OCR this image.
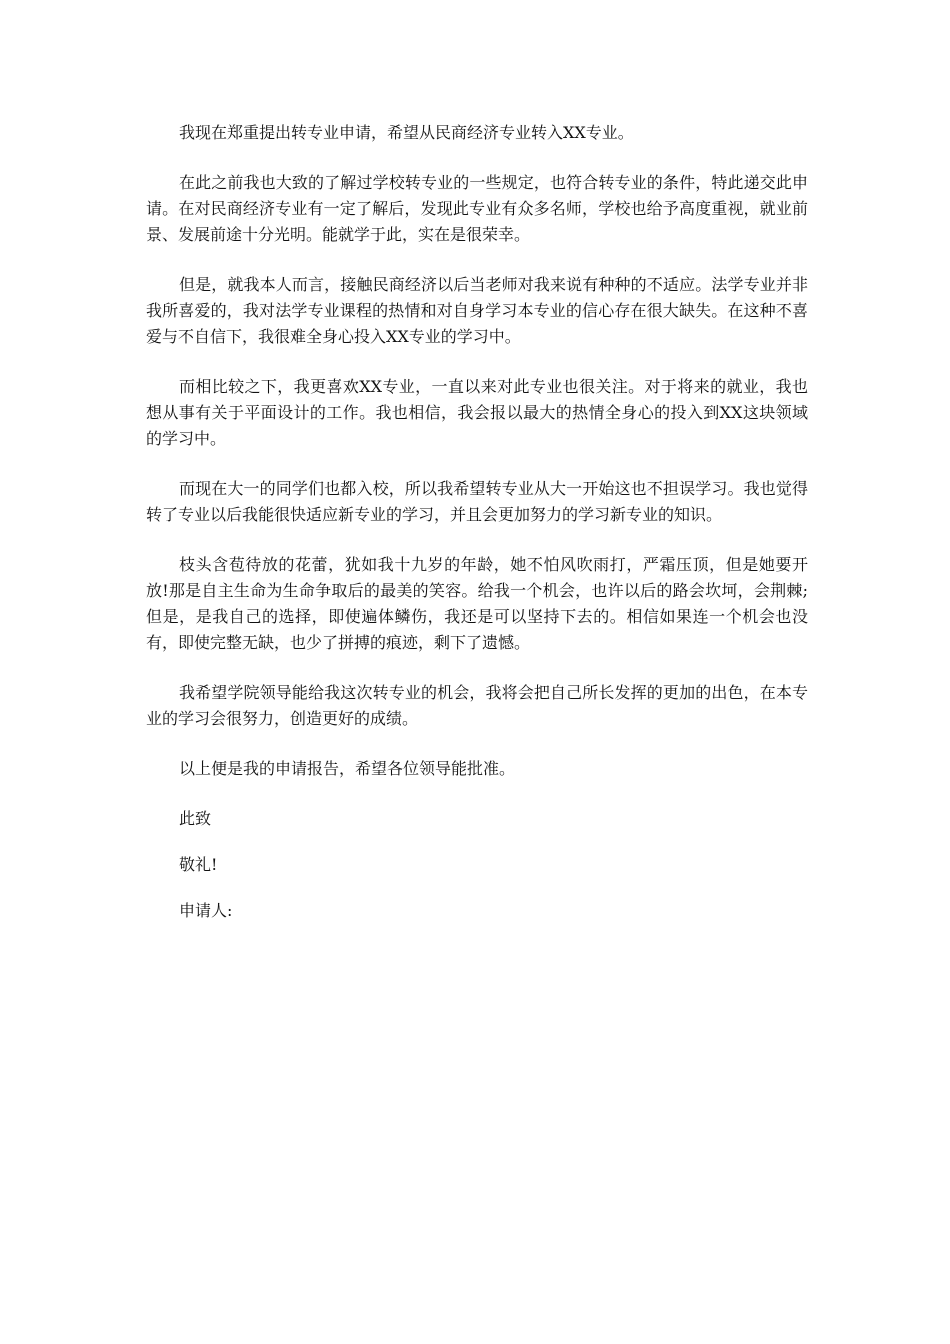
我现在郑重提出转专业申请，希望从民商经济专业转入XX专业。

在此之前我也大致的了解过学校转专业的一些规定，也符合转专业的条件，特此递交此申请。在对民商经济专业有一定了解后，发现此专业有众多名师，学校也给予高度重视，就业前景、发展前途十分光明。能就学于此，实在是很荣幸。

但是，就我本人而言，接触民商经济以后当老师对我来说有种种的不适应。法学专业并非我所喜爱的，我对法学专业课程的热情和对自身学习本专业的信心存在很大缺失。在这种不喜爱与不自信下，我很难全身心投入XX专业的学习中。

而相比较之下，我更喜欢XX专业，一直以来对此专业也很关注。对于将来的就业，我也想从事有关于平面设计的工作。我也相信，我会报以最大的热情全身心的投入到XX这块领域的学习中。

而现在大一的同学们也都入校，所以我希望转专业从大一开始这也不担误学习。我也觉得转了专业以后我能很快适应新专业的学习，并且会更加努力的学习新专业的知识。

枝头含苞待放的花蕾，犹如我十九岁的年龄，她不怕风吹雨打，严霜压顶，但是她要开放!那是自主生命为生命争取后的最美的笑容。给我一个机会，也许以后的路会坎坷，会荆棘;但是，是我自己的选择，即使遍体鳞伤，我还是可以坚持下去的。相信如果连一个机会也没有，即使完整无缺，也少了拼搏的痕迹，剩下了遗憾。

我希望学院领导能给我这次转专业的机会，我将会把自己所长发挥的更加的出色，在本专业的学习会很努力，创造更好的成绩。

以上便是我的申请报告，希望各位领导能批准。

此致

敬礼!

申请人:
